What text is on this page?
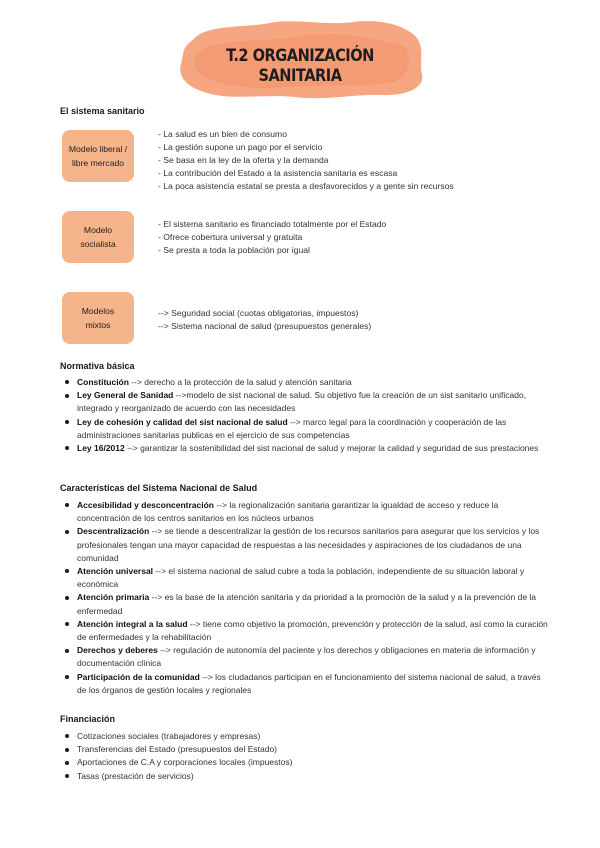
T.2 ORGANIZACIÓN SANITARIA
El sistema sanitario
Modelo liberal / libre mercado
- La salud es un bien de consumo
- La gestión supone un pago por el servicio
- Se basa en la ley de la oferta y la demanda
- La contribución del Estado a la asistencia sanitaria es escasa
- La poca asistencia estatal se presta a desfavorecidos y a gente sin recursos
Modelo socialista
- El sistema sanitario es financiado totalmente por el Estado
- Ofrece cobertura universal y gratuita
- Se presta a toda la población por igual
Modelos mixtos
--> Seguridad social (cuotas obligatorias, impuestos)
--> Sistema nacional de salud (presupuestos generales)
Normativa básica
Constitución --> derecho a la protección de la salud y atención sanitaria
Ley General de Sanidad -->modelo de sist nacional de salud. Su objetivo fue la creación de un sist sanitario unificado, integrado y reorganizado de acuerdo con las necesidades
Ley de cohesión y calidad del sist nacional de salud --> marco legal para la coordinación y cooperación de las administraciones sanitarias publicas en el ejercicio de sus competencias
Ley 16/2012 --> garantizar la sostenibilidad del sist nacional de salud y mejorar la calidad y seguridad de sus prestaciones
Características del Sistema Nacional de Salud
Accesibilidad y desconcentración --> la regionalización sanitaria garantizar la igualdad de acceso y reduce la concentración de los centros sanitarios en los núcleos urbanos
Descentralización --> se tiende a descentralizar la gestión de los recursos sanitarios para asegurar que los servicios y los profesionales tengan una mayor capacidad de respuestas a las necesidades y aspiraciones de los ciudadanos de una comunidad
Atención universal --> el sistema nacional de salud cubre a toda la población, independiente de su situación laboral y económica
Atención primaria --> es la base de la atención sanitaria y da prioridad a la promoción de la salud y a la prevención de la enfermedad
Atención integral a la salud --> tiene como objetivo la promoción, prevención y protección de la salud, así como la curación de enfermedades y la rehabilitación
Derechos y deberes --> regulación de autonomía del paciente y los derechos y obligaciones en materia de información y documentación clínica
Participación de la comunidad --> los ciudadanos participan en el funcionamiento del sistema nacional de salud, a través de los órganos de gestión locales y regionales
Financiación
Cotizaciones sociales (trabajadores y empresas)
Transferencias del Estado (presupuestos del Estado)
Aportaciones de C.A y corporaciones locales (impuestos)
Tasas (prestación de servicios)
